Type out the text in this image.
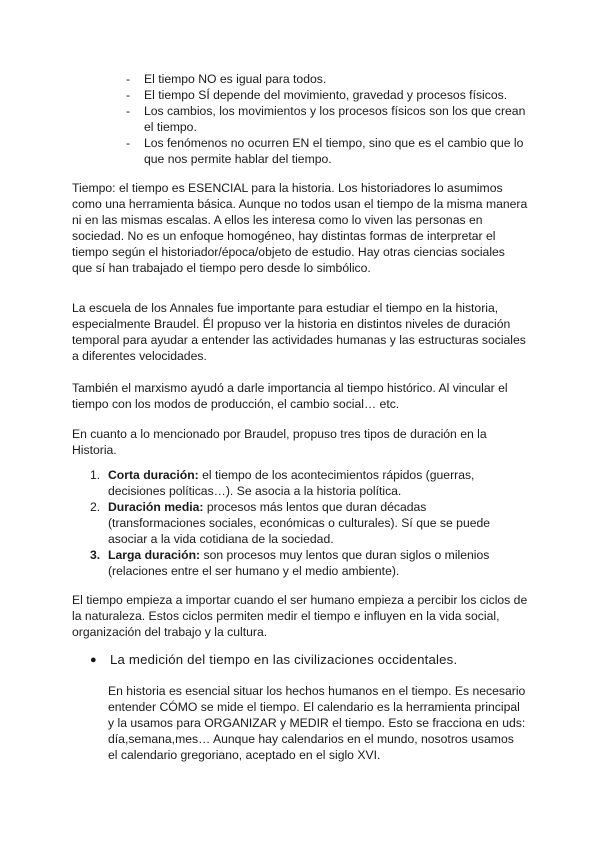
- El tiempo NO es igual para todos.
- El tiempo SÍ depende del movimiento, gravedad y procesos físicos.
- Los cambios, los movimientos y los procesos físicos son los que crean el tiempo.
- Los fenómenos no ocurren EN el tiempo, sino que es el cambio que lo que nos permite hablar del tiempo.

Tiempo: el tiempo es ESENCIAL para la historia. Los historiadores lo asumimos como una herramienta básica. Aunque no todos usan el tiempo de la misma manera ni en las mismas escalas. A ellos les interesa como lo viven las personas en sociedad. No es un enfoque homogéneo, hay distintas formas de interpretar el tiempo según el historiador/época/objeto de estudio. Hay otras ciencias sociales que sí han trabajado el tiempo pero desde lo simbólico.

La escuela de los Annales fue importante para estudiar el tiempo en la historia, especialmente Braudel. Él propuso ver la historia en distintos niveles de duración temporal para ayudar a entender las actividades humanas y las estructuras sociales a diferentes velocidades.

También el marxismo ayudó a darle importancia al tiempo histórico. Al vincular el tiempo con los modos de producción, el cambio social… etc.

En cuanto a lo mencionado por Braudel, propuso tres tipos de duración en la Historia.

1. Corta duración: el tiempo de los acontecimientos rápidos (guerras, decisiones políticas…). Se asocia a la historia política.
2. Duración media: procesos más lentos que duran décadas (transformaciones sociales, económicas o culturales). Sí que se puede asociar a la vida cotidiana de la sociedad.
3. Larga duración: son procesos muy lentos que duran siglos o milenios (relaciones entre el ser humano y el medio ambiente).

El tiempo empieza a importar cuando el ser humano empieza a percibir los ciclos de la naturaleza. Estos ciclos permiten medir el tiempo e influyen en la vida social, organización del trabajo y la cultura.

● La medición del tiempo en las civilizaciones occidentales.

En historia es esencial situar los hechos humanos en el tiempo. Es necesario entender CÓMO se mide el tiempo. El calendario es la herramienta principal y la usamos para ORGANIZAR y MEDIR el tiempo. Esto se fracciona en uds: día,semana,mes… Aunque hay calendarios en el mundo, nosotros usamos el calendario gregoriano, aceptado en el siglo XVI.
